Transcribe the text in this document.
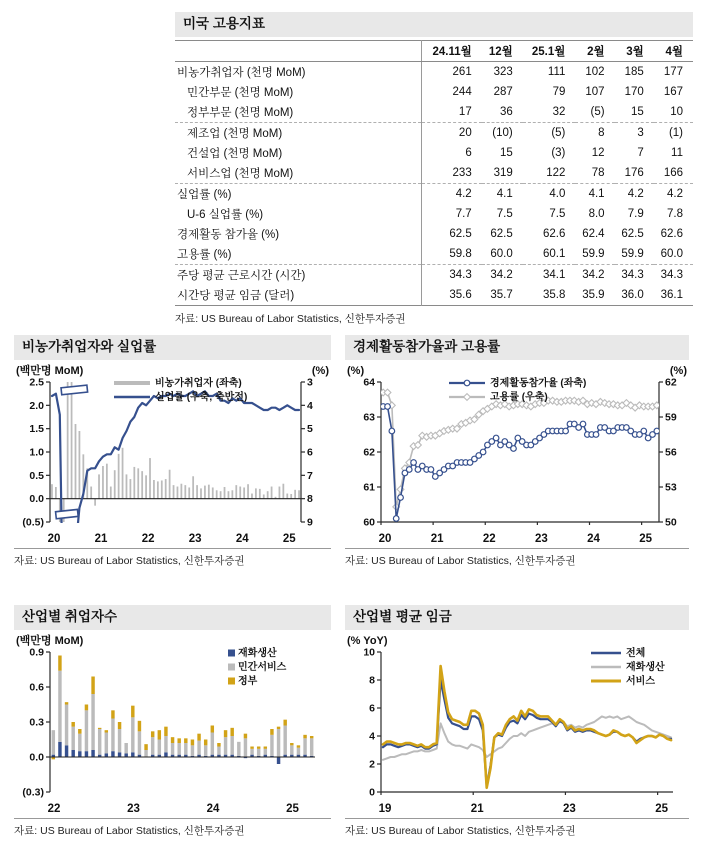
미국 고용지표
	24.11월	12월	25.1월	2월	3월	4월
비농가취업자 (천명 MoM)	261	323	111	102	185	177
민간부문 (천명 MoM)	244	287	79	107	170	167
정부부문 (천명 MoM)	17	36	32	(5)	15	10
제조업 (천명 MoM)	20	(10)	(5)	8	3	(1)
건설업 (천명 MoM)	6	15	(3)	12	7	11
서비스업 (천명 MoM)	233	319	122	78	176	166
실업률 (%)	4.2	4.1	4.0	4.1	4.2	4.2
U-6 실업률 (%)	7.7	7.5	7.5	8.0	7.9	7.8
경제활동 참가율 (%)	62.5	62.5	62.6	62.4	62.5	62.6
고용률 (%)	59.8	60.0	60.1	59.9	59.9	60.0
주당 평균 근로시간 (시간)	34.3	34.2	34.1	34.2	34.3	34.3
시간당 평균 임금 (달러)	35.6	35.7	35.8	35.9	36.0	36.1
자료: US Bureau of Labor Statistics, 신한투자증권
비농가취업자와 실업률
(백만명 MoM)	(%)
2.5
2.0
1.5
1.0
0.5
0.0
(0.5)
3
4
5
6
7
8
9
20	21	22	23	24	25
비농가취업자 (좌축)
실업률 (우축, 축반전)
자료: US Bureau of Labor Statistics, 신한투자증권
경제활동참가율과 고용률
(%)	(%)
64
63
62
61
60
62
59
56
53
50
20	21	22	23	24	25
경제활동참가율 (좌축)
고용률 (우축)
자료: US Bureau of Labor Statistics, 신한투자증권
산업별 취업자수
(백만명 MoM)
0.9
0.6
0.3
0.0
(0.3)
22	23	24	25
재화생산
민간서비스
정부
자료: US Bureau of Labor Statistics, 신한투자증권
산업별 평균 임금
(% YoY)
10
8
6
4
2
0
19	21	23	25
전체
재화생산
서비스
자료: US Bureau of Labor Statistics, 신한투자증권
